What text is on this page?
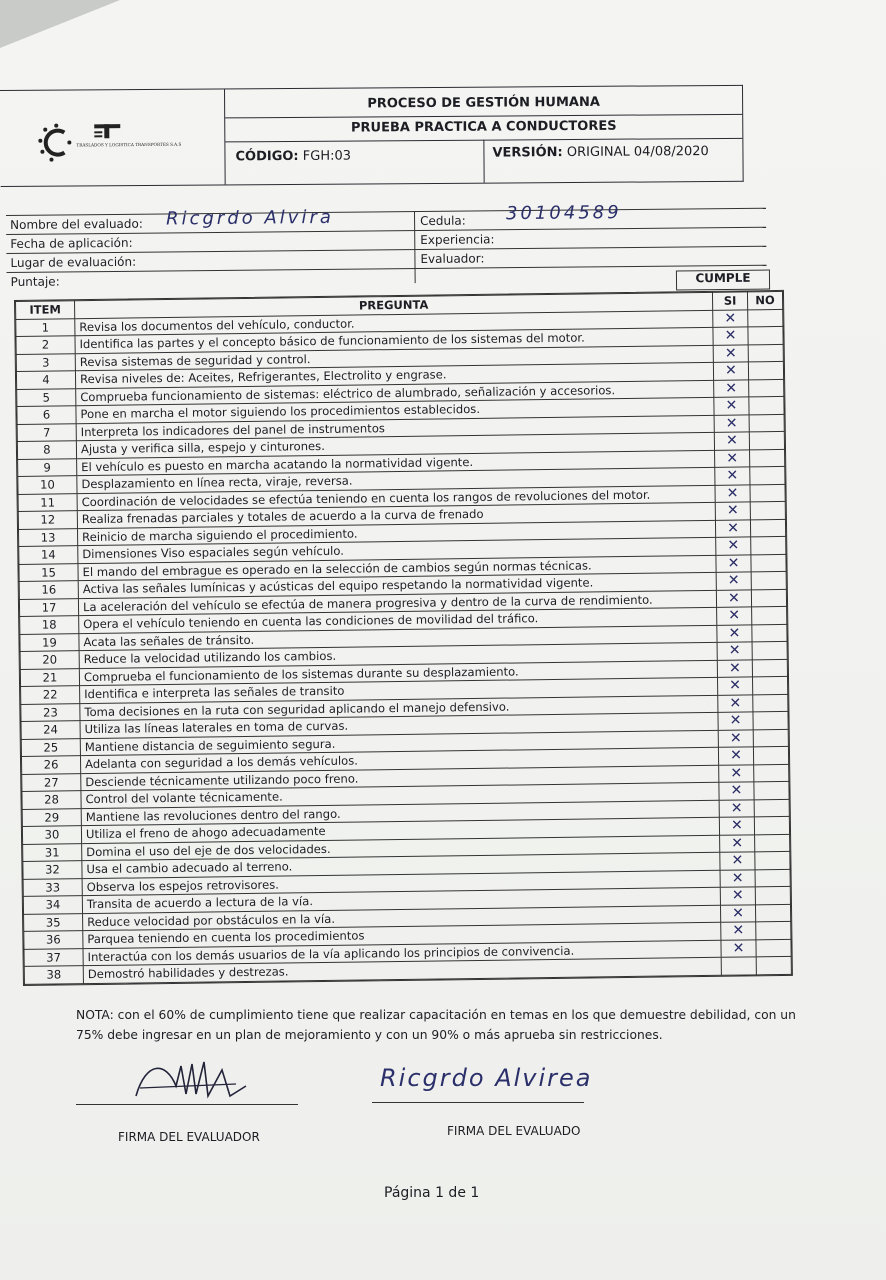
TRASLADOS Y LOGISTICA TRANSPORTES S.A.S
PROCESO DE GESTIÓN HUMANA
PRUEBA PRACTICA A CONDUCTORES
CÓDIGO: FGH:03	VERSIÓN: ORIGINAL 04/08/2020
Nombre del evaluado: Ricgrdo Alvira	Cedula: 30104589
Fecha de aplicación:	Experiencia:
Lugar de evaluación:	Evaluador:
Puntaje:	CUMPLE
ITEM	PREGUNTA	SI	NO
1	Revisa los documentos del vehículo, conductor.	✕	
2	Identifica las partes y el concepto básico de funcionamiento de los sistemas del motor.	✕	
3	Revisa sistemas de seguridad y control.	✕	
4	Revisa niveles de: Aceites, Refrigerantes, Electrolito y engrase.	✕	
5	Comprueba funcionamiento de sistemas: eléctrico de alumbrado, señalización y accesorios.	✕	
6	Pone en marcha el motor siguiendo los procedimientos establecidos.	✕	
7	Interpreta los indicadores del panel de instrumentos	✕	
8	Ajusta y verifica silla, espejo y cinturones.	✕	
9	El vehículo es puesto en marcha acatando la normatividad vigente.	✕	
10	Desplazamiento en línea recta, viraje, reversa.	✕	
11	Coordinación de velocidades se efectúa teniendo en cuenta los rangos de revoluciones del motor.	✕	
12	Realiza frenadas parciales y totales de acuerdo a la curva de frenado	✕	
13	Reinicio de marcha siguiendo el procedimiento.	✕	
14	Dimensiones Viso espaciales según vehículo.	✕	
15	El mando del embrague es operado en la selección de cambios según normas técnicas.	✕	
16	Activa las señales lumínicas y acústicas del equipo respetando la normatividad vigente.	✕	
17	La aceleración del vehículo se efectúa de manera progresiva y dentro de la curva de rendimiento.	✕	
18	Opera el vehículo teniendo en cuenta las condiciones de movilidad del tráfico.	✕	
19	Acata las señales de tránsito.	✕	
20	Reduce la velocidad utilizando los cambios.	✕	
21	Comprueba el funcionamiento de los sistemas durante su desplazamiento.	✕	
22	Identifica e interpreta las señales de transito	✕	
23	Toma decisiones en la ruta con seguridad aplicando el manejo defensivo.	✕	
24	Utiliza las líneas laterales en toma de curvas.	✕	
25	Mantiene distancia de seguimiento segura.	✕	
26	Adelanta con seguridad a los demás vehículos.	✕	
27	Desciende técnicamente utilizando poco freno.	✕	
28	Control del volante técnicamente.	✕	
29	Mantiene las revoluciones dentro del rango.	✕	
30	Utiliza el freno de ahogo adecuadamente	✕	
31	Domina el uso del eje de dos velocidades.	✕	
32	Usa el cambio adecuado al terreno.	✕	
33	Observa los espejos retrovisores.	✕	
34	Transita de acuerdo a lectura de la vía.	✕	
35	Reduce velocidad por obstáculos en la vía.	✕	
36	Parquea teniendo en cuenta los procedimientos	✕	
37	Interactúa con los demás usuarios de la vía aplicando los principios de convivencia.	✕	
38	Demostró habilidades y destrezas.		
NOTA: con el 60% de cumplimiento tiene que realizar capacitación en temas en los que demuestre debilidad, con un 75% debe ingresar en un plan de mejoramiento y con un 90% o más aprueba sin restricciones.
FIRMA DEL EVALUADOR
Ricgrdo Alvirea
FIRMA DEL EVALUADO
Página 1 de 1
